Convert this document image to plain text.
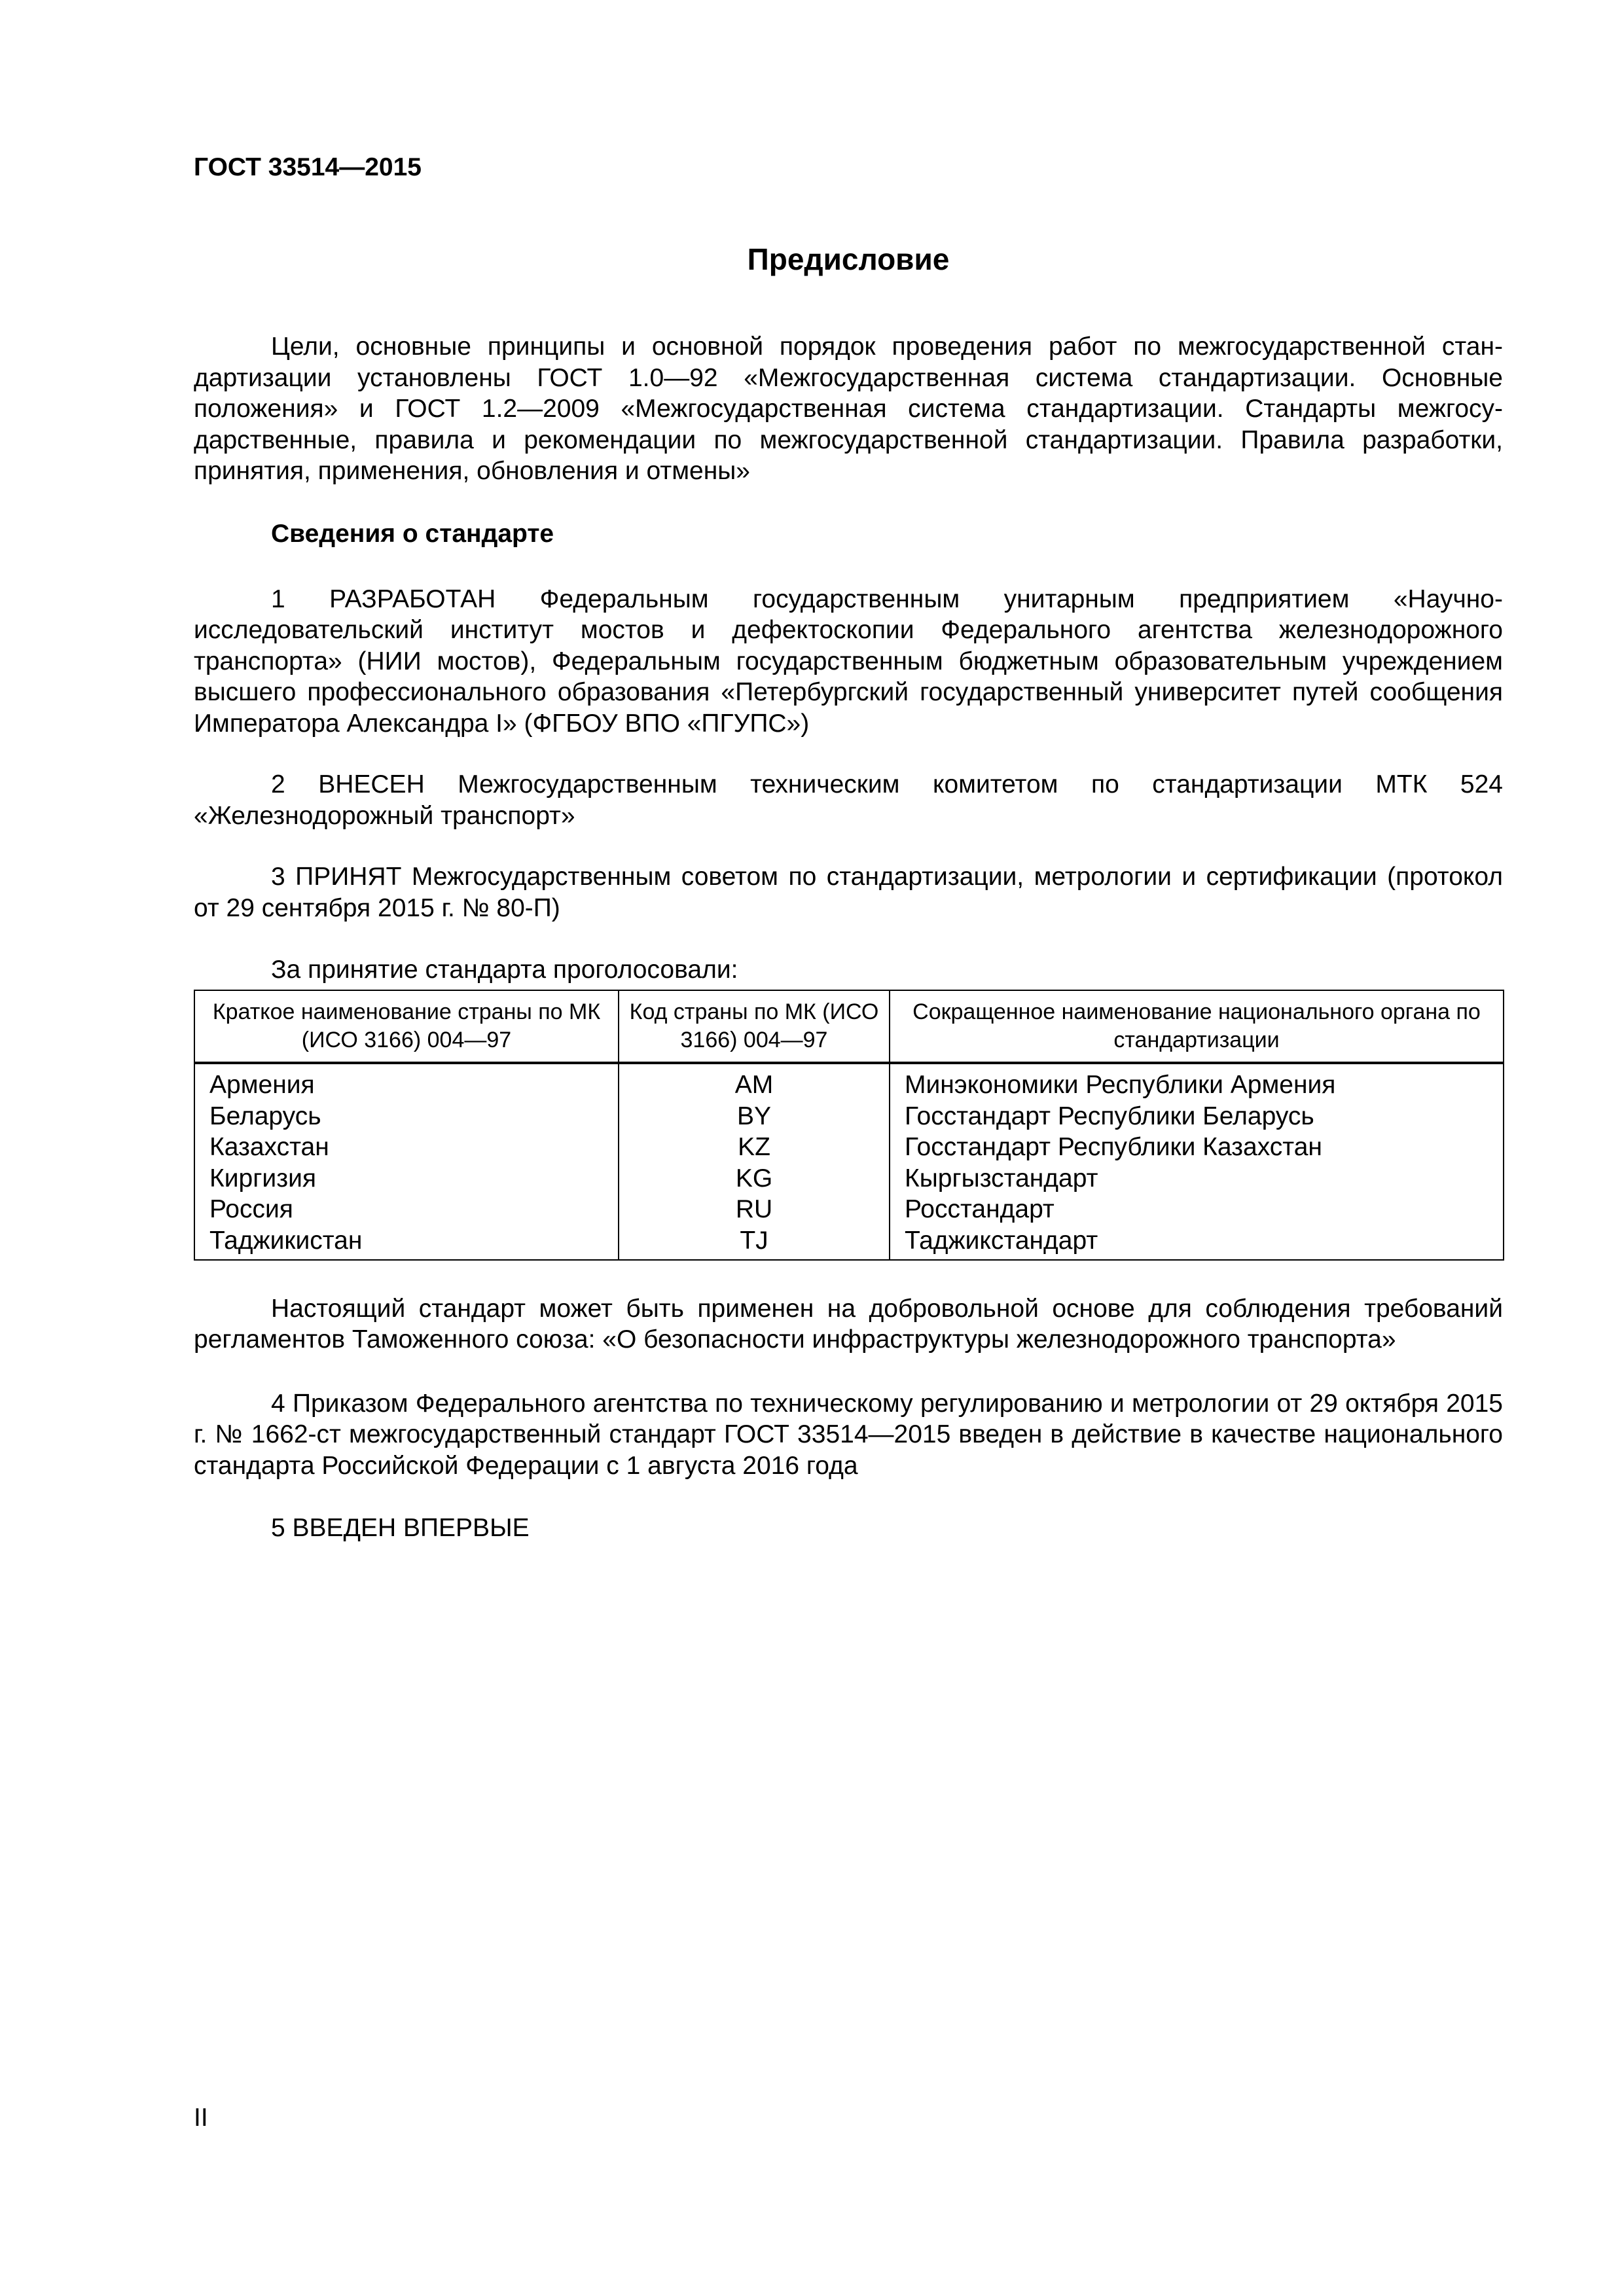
ГОСТ 33514—2015

Предисловие

Цели, основные принципы и основной порядок проведения работ по межгосударственной стан-дартизации установлены ГОСТ 1.0—92 «Межгосударственная система стандартизации. Основные положения» и ГОСТ 1.2—2009 «Межгосударственная система стандартизации. Стандарты межгосу-дарственные, правила и рекомендации по межгосударственной стандартизации. Правила разработки, принятия, применения, обновления и отмены»

Сведения о стандарте

1 РАЗРАБОТАН Федеральным государственным унитарным предприятием «Научно-исследовательский институт мостов и дефектоскопии Федерального агентства железнодорожного транспорта» (НИИ мостов), Федеральным государственным бюджетным образовательным учреждением высшего профессионального образования «Петербургский государственный университет путей сообщения Императора Александра I» (ФГБОУ ВПО «ПГУПС»)

2 ВНЕСЕН Межгосударственным техническим комитетом по стандартизации МТК 524 «Железнодорожный транспорт»

3 ПРИНЯТ Межгосударственным советом по стандартизации, метрологии и сертификации (протокол от 29 сентября 2015 г. № 80-П)

За принятие стандарта проголосовали:

Краткое наименование страны по МК (ИСО 3166) 004—97	Код страны по МК (ИСО 3166) 004—97	Сокращенное наименование национального органа по стандартизации
Армения	AM	Минэкономики Республики Армения
Беларусь	BY	Госстандарт Республики Беларусь
Казахстан	KZ	Госстандарт Республики Казахстан
Киргизия	KG	Кыргызстандарт
Россия	RU	Росстандарт
Таджикистан	TJ	Таджикстандарт

Настоящий стандарт может быть применен на добровольной основе для соблюдения требований регламентов Таможенного союза: «О безопасности инфраструктуры железнодорожного транспорта»

4 Приказом Федерального агентства по техническому регулированию и метрологии от 29 октября 2015 г. № 1662-ст межгосударственный стандарт ГОСТ 33514—2015 введен в действие в качестве национального стандарта Российской Федерации с 1 августа 2016 года

5 ВВЕДЕН ВПЕРВЫЕ

II
